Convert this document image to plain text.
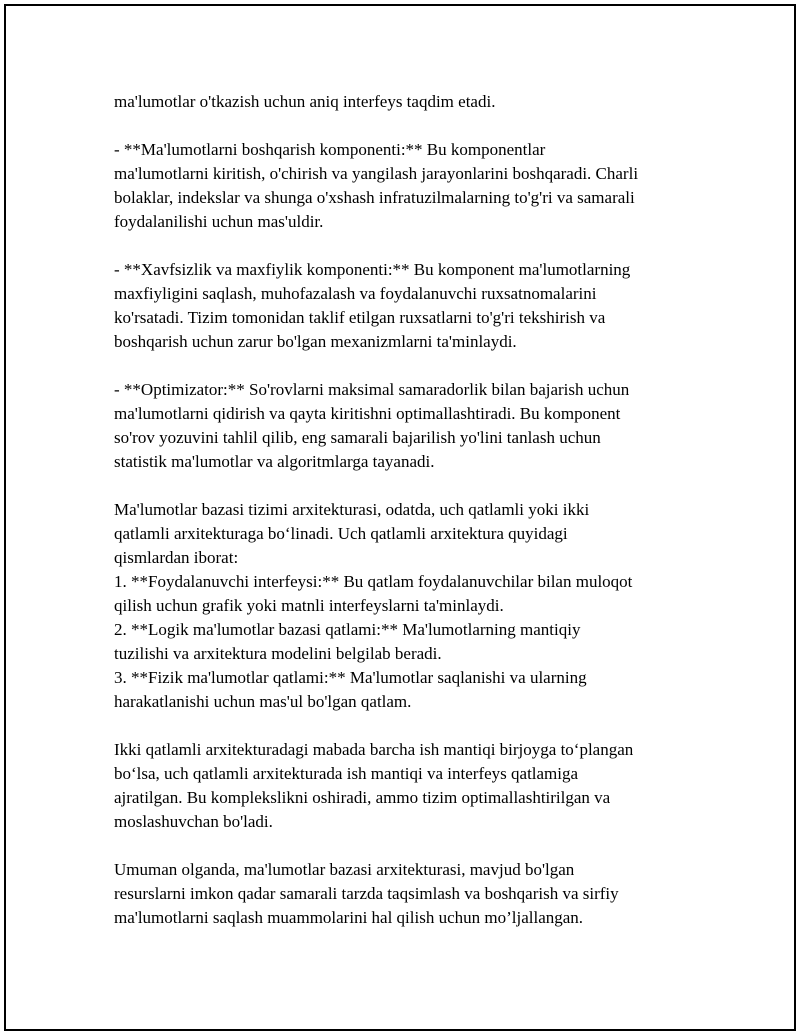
ma'lumotlar o'tkazish uchun aniq interfeys taqdim etadi.
- **Ma'lumotlarni boshqarish komponenti:** Bu komponentlar
ma'lumotlarni kiritish, o'chirish va yangilash jarayonlarini boshqaradi. Charli
bolaklar, indekslar va shunga o'xshash infratuzilmalarning to'g'ri va samarali
foydalanilishi uchun mas'uldir.
- **Xavfsizlik va maxfiylik komponenti:** Bu komponent ma'lumotlarning
maxfiyligini saqlash, muhofazalash va foydalanuvchi ruxsatnomalarini
ko'rsatadi. Tizim tomonidan taklif etilgan ruxsatlarni to'g'ri tekshirish va
boshqarish uchun zarur bo'lgan mexanizmlarni ta'minlaydi.
- **Optimizator:** So'rovlarni maksimal samaradorlik bilan bajarish uchun
ma'lumotlarni qidirish va qayta kiritishni optimallashtiradi. Bu komponent
so'rov yozuvini tahlil qilib, eng samarali bajarilish yo'lini tanlash uchun
statistik ma'lumotlar va algoritmlarga tayanadi.
Ma'lumotlar bazasi tizimi arxitekturasi, odatda, uch qatlamli yoki ikki
qatlamli arxitekturaga bo‘linadi. Uch qatlamli arxitektura quyidagi
qismlardan iborat:
1. **Foydalanuvchi interfeysi:** Bu qatlam foydalanuvchilar bilan muloqot
qilish uchun grafik yoki matnli interfeyslarni ta'minlaydi.
2. **Logik ma'lumotlar bazasi qatlami:** Ma'lumotlarning mantiqiy
tuzilishi va arxitektura modelini belgilab beradi.
3. **Fizik ma'lumotlar qatlami:** Ma'lumotlar saqlanishi va ularning
harakatlanishi uchun mas'ul bo'lgan qatlam.
Ikki qatlamli arxitekturadagi mabada barcha ish mantiqi birjoyga to‘plangan
bo‘lsa, uch qatlamli arxitekturada ish mantiqi va interfeys qatlamiga
ajratilgan. Bu komplekslikni oshiradi, ammo tizim optimallashtirilgan va
moslashuvchan bo'ladi.
Umuman olganda, ma'lumotlar bazasi arxitekturasi, mavjud bo'lgan
resurslarni imkon qadar samarali tarzda taqsimlash va boshqarish va sirfiy
ma'lumotlarni saqlash muammolarini hal qilish uchun mo’ljallangan.
